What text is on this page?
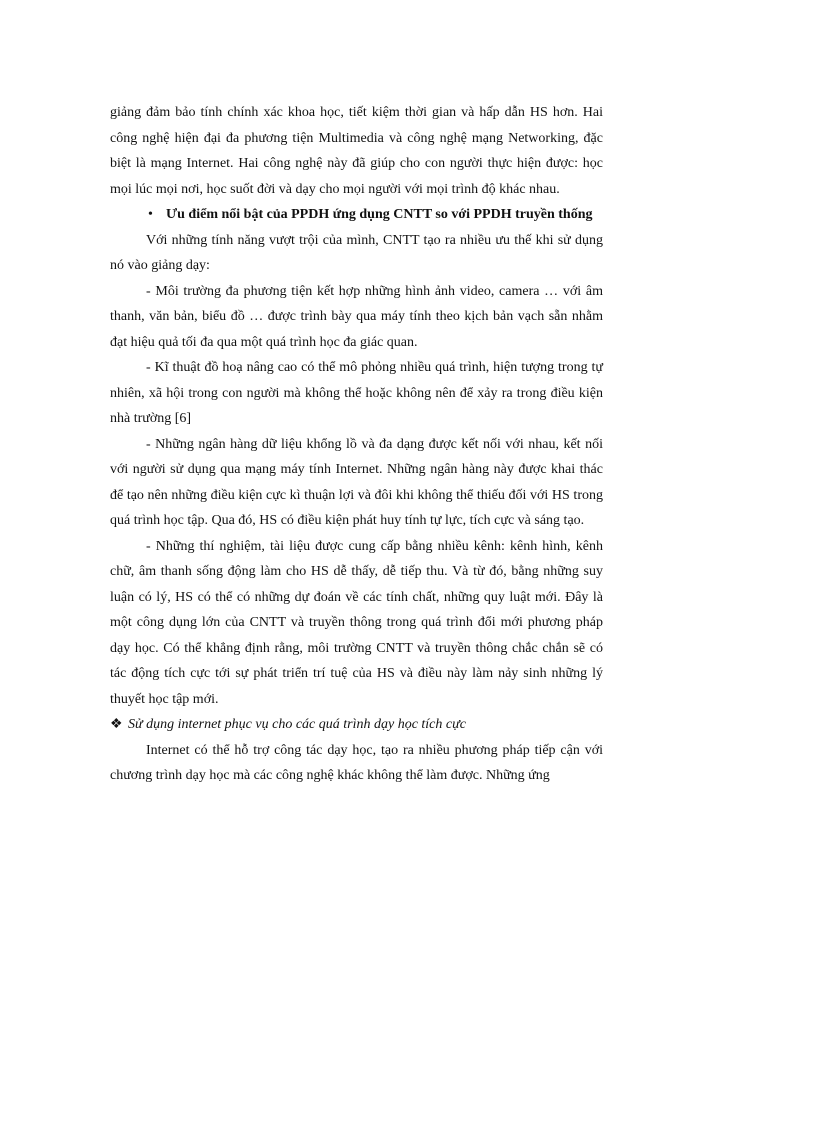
giảng đảm bảo tính chính xác khoa học, tiết kiệm thời gian và hấp dẫn HS hơn. Hai công nghệ hiện đại đa phương tiện Multimedia và công nghệ mạng Networking, đặc biệt là mạng Internet. Hai công nghệ này đã giúp cho con người thực hiện được: học mọi lúc mọi nơi, học suốt đời và dạy cho mọi người với mọi trình độ khác nhau.

• Ưu điểm nổi bật của PPDH ứng dụng CNTT so với PPDH truyền thống

Với những tính năng vượt trội của mình, CNTT tạo ra nhiều ưu thế khi sử dụng nó vào giảng dạy:

- Môi trường đa phương tiện kết hợp những hình ảnh video, camera … với âm thanh, văn bản, biểu đồ … được trình bày qua máy tính theo kịch bản vạch sẵn nhằm đạt hiệu quả tối đa qua một quá trình học đa giác quan.

- Kĩ thuật đồ hoạ nâng cao có thể mô phỏng nhiều quá trình, hiện tượng trong tự nhiên, xã hội trong con người mà không thể hoặc không nên để xảy ra trong điều kiện nhà trường [6]

- Những ngân hàng dữ liệu khổng lồ và đa dạng được kết nối với nhau, kết nối với người sử dụng qua mạng máy tính Internet. Những ngân hàng này được khai thác để tạo nên những điều kiện cực kì thuận lợi và đôi khi không thể thiếu đối với HS trong quá trình học tập. Qua đó, HS có điều kiện phát huy tính tự lực, tích cực và sáng tạo.

- Những thí nghiệm, tài liệu được cung cấp bằng nhiều kênh: kênh hình, kênh chữ, âm thanh sống động làm cho HS dễ thấy, dễ tiếp thu. Và từ đó, bằng những suy luận có lý, HS có thể có những dự đoán về các tính chất, những quy luật mới. Đây là một công dụng lớn của CNTT và truyền thông trong quá trình đổi mới phương pháp dạy học. Có thể khẳng định rằng, môi trường CNTT và truyền thông chắc chắn sẽ có tác động tích cực tới sự phát triển trí tuệ của HS và điều này làm nảy sinh những lý thuyết học tập mới.

❖ Sử dụng internet phục vụ cho các quá trình dạy học tích cực

Internet có thể hỗ trợ công tác dạy học, tạo ra nhiều phương pháp tiếp cận với chương trình dạy học mà các công nghệ khác không thể làm được. Những ứng
